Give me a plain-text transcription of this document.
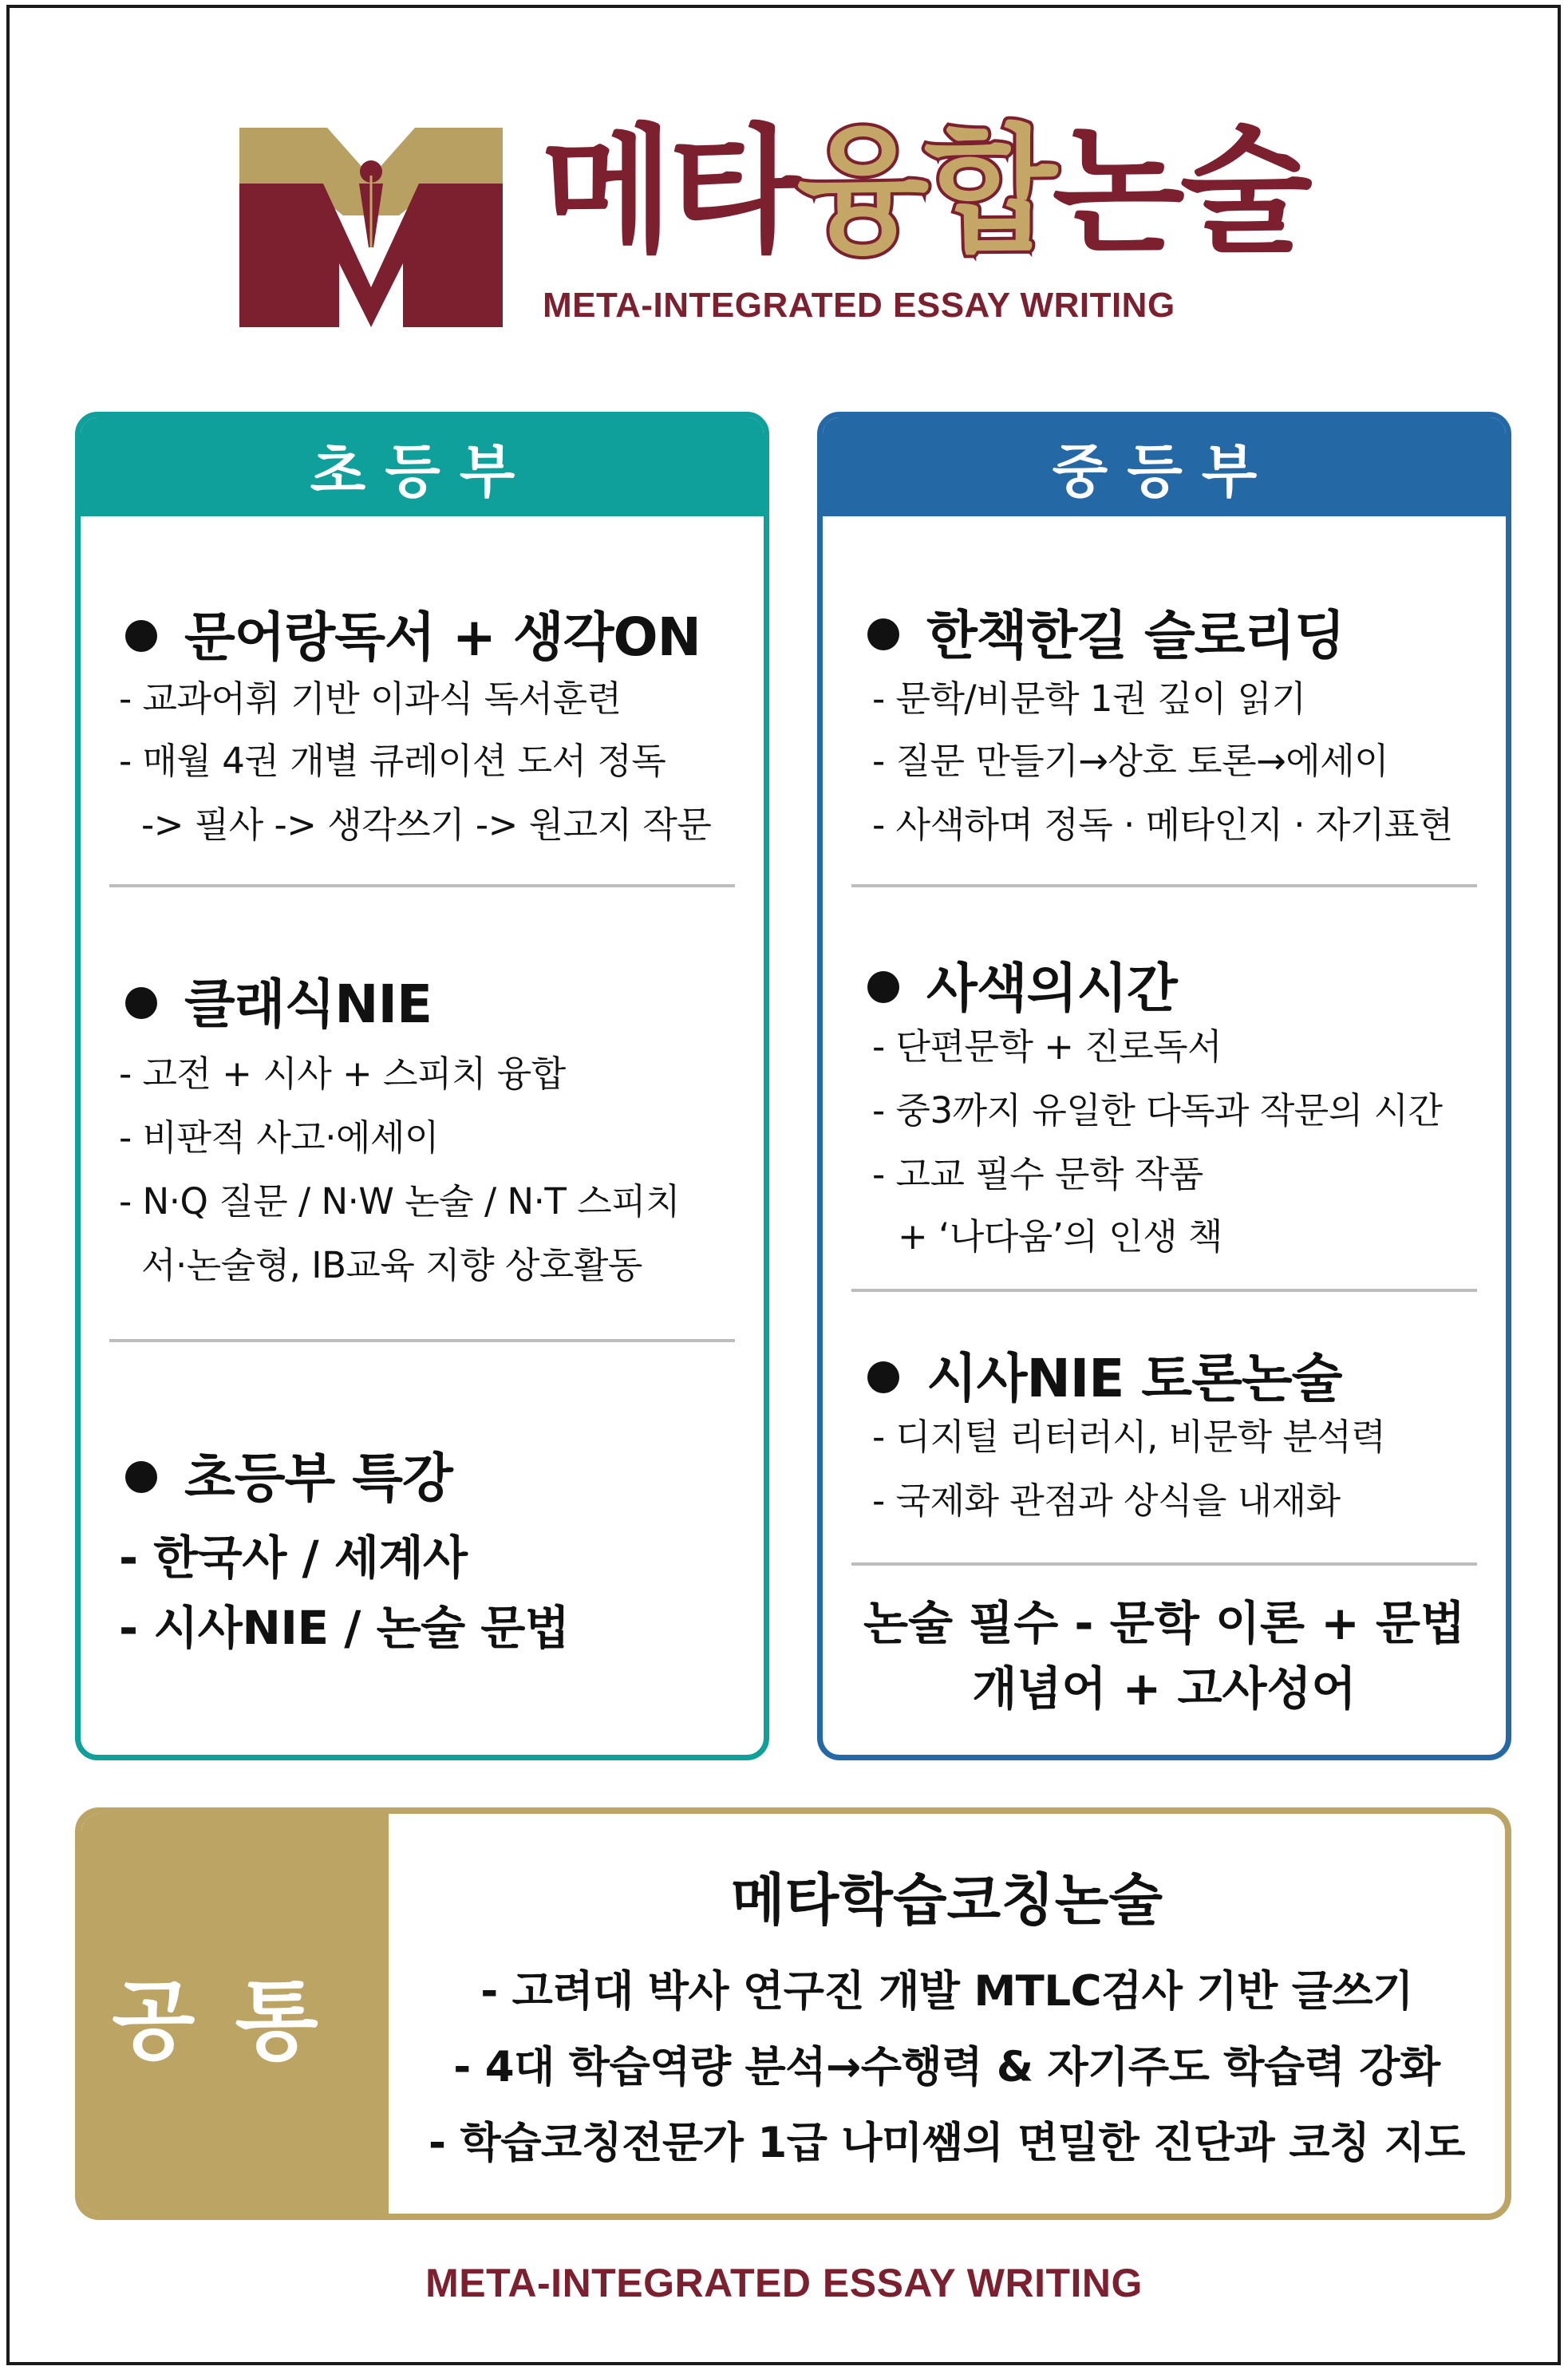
메타 융합 논술
META-INTEGRATED ESSAY WRITING
초등부
문어랑독서 + 생각ON
- 교과어휘 기반 이과식 독서훈련
- 매월 4권 개별 큐레이션 도서 정독
-> 필사 -> 생각쓰기 -> 원고지 작문
클래식NIE
- 고전 + 시사 + 스피치 융합
- 비판적 사고·에세이
- N·Q 질문 / N·W 논술 / N·T 스피치
서·논술형, IB교육 지향 상호활동
초등부 특강
- 한국사 / 세계사
- 시사NIE / 논술 문법
중등부
한책한길 슬로리딩
- 문학/비문학 1권 깊이 읽기
- 질문 만들기→상호 토론→에세이
- 사색하며 정독 · 메타인지 · 자기표현
사색의시간
- 단편문학 + 진로독서
- 중3까지 유일한 다독과 작문의 시간
- 고교 필수 문학 작품
+ ‘나다움’의 인생 책
시사NIE 토론논술
- 디지털 리터러시, 비문학 분석력
- 국제화 관점과 상식을 내재화
논술 필수 - 문학 이론 + 문법
개념어 + 고사성어
공통
메타학습코칭논술
- 고려대 박사 연구진 개발 MTLC검사 기반 글쓰기
- 4대 학습역량 분석→수행력 & 자기주도 학습력 강화
- 학습코칭전문가 1급 나미쌤의 면밀한 진단과 코칭 지도
META-INTEGRATED ESSAY WRITING
